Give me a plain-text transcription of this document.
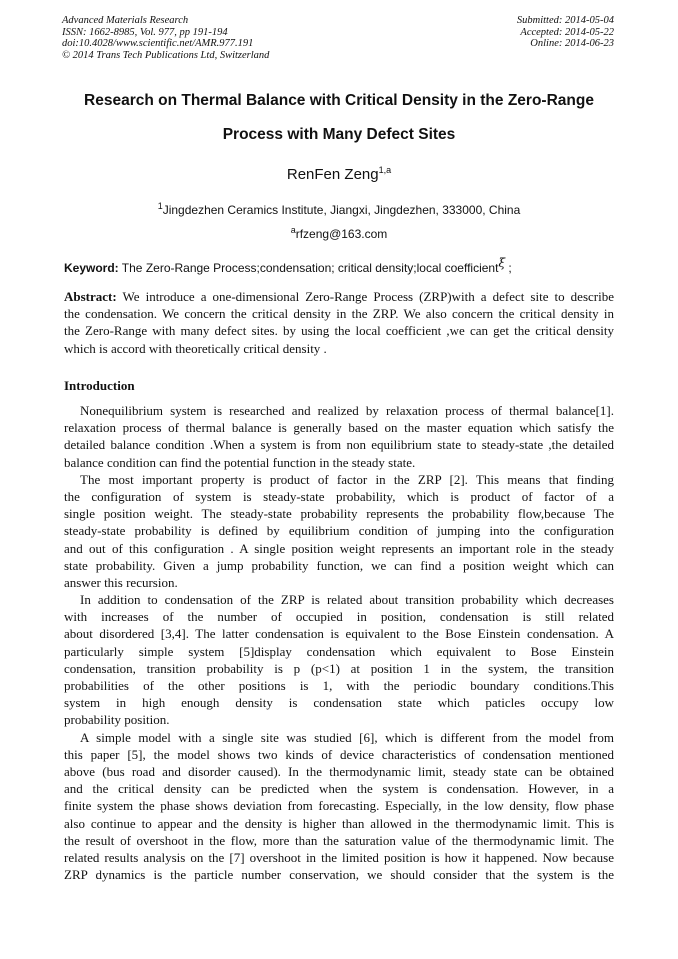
Advanced Materials Research
ISSN: 1662-8985, Vol. 977, pp 191-194
doi:10.4028/www.scientific.net/AMR.977.191
© 2014 Trans Tech Publications Ltd, Switzerland
Submitted: 2014-05-04
Accepted: 2014-05-22
Online: 2014-06-23
Research on Thermal Balance with Critical Density in the Zero-Range
Process with Many Defect Sites
RenFen Zeng$^{1,a}$
$^1$Jingdezhen Ceramics Institute, Jiangxi, Jingdezhen, 333000, China
$^a$rfzeng@163.com
Keyword: The Zero-Range Process;condensation; critical density;local coefficientξ ;
Abstract: We introduce a one-dimensional Zero-Range Process (ZRP)with a defect site to describe
the condensation. We concern the critical density in the ZRP. We also concern the critical density in
the Zero-Range with many defect sites. by using the local coefficient ,we can get the critical density
which is accord with theoretically critical density .
Introduction
Nonequilibrium system is researched and realized by relaxation process of thermal balance[1].
relaxation process of thermal balance is generally based on the master equation which satisfy the
detailed balance condition .When a system is from non equilibrium state to steady-state ,the detailed
balance condition can find the potential function in the steady state.
The most important property is product of factor in the ZRP [2]. This means that finding
the configuration of system is steady-state probability, which is product of factor of a
single position weight. The steady-state probability represents the probability flow,because The
steady-state probability is defined by equilibrium condition of jumping into the configuration
and out of this configuration . A single position weight represents an important role in the steady
state probability. Given a jump probability function, we can find a position weight which can
answer this recursion.
In addition to condensation of the ZRP is related about transition probability which decreases
with increases of the number of occupied in position, condensation is still related
about disordered [3,4]. The latter condensation is equivalent to the Bose Einstein condensation. A
particularly simple system [5]display condensation which equivalent to Bose Einstein
condensation, transition probability is p (p<1) at position 1 in the system, the transition
probabilities of the other positions is 1, with the periodic boundary conditions.This
system in high enough density is condensation state which paticles occupy low
probability position.
A simple model with a single site was studied [6], which is different from the model from
this paper [5], the model shows two kinds of device characteristics of condensation mentioned
above (bus road and disorder caused). In the thermodynamic limit, steady state can be obtained
and the critical density can be predicted when the system is condensation. However, in a
finite system the phase shows deviation from forecasting. Especially, in the low density, flow phase
also continue to appear and the density is higher than allowed in the thermodynamic limit. This is
the result of overshoot in the flow, more than the saturation value of the thermodynamic limit. The
related results analysis on the [7] overshoot in the limited position is how it happened. Now because
ZRP dynamics is the particle number conservation, we should consider that the system is the
